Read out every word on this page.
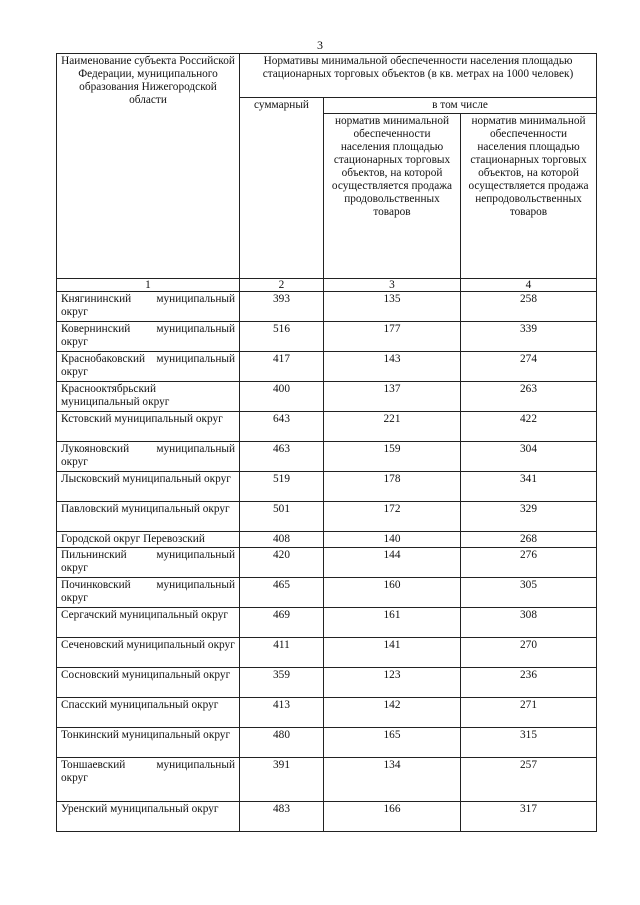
3
Наименование субъекта Российской Федерации, муниципального образования Нижегородской области	Нормативы минимальной обеспеченности населения площадью стационарных торговых объектов (в кв. метрах на 1000 человек)		
	суммарный	в том числе	
		норматив минимальной обеспеченности населения площадью стационарных торговых объектов, на которой осуществляется продажа продовольственных товаров	норматив минимальной обеспеченности населения площадью стационарных торговых объектов, на которой осуществляется продажа непродовольственных товаров
1	2	3	4
Княгининский муниципальный округ	393	135	258
Ковернинский муниципальный округ	516	177	339
Краснобаковский муниципальный округ	417	143	274
Краснооктябрьский муниципальный округ	400	137	263
Кстовский муниципальный округ	643	221	422
Лукояновский муниципальный округ	463	159	304
Лысковский муниципальный округ	519	178	341
Павловский муниципальный округ	501	172	329
Городской округ Перевозский	408	140	268
Пильнинский муниципальный округ	420	144	276
Починковский муниципальный округ	465	160	305
Сергачский муниципальный округ	469	161	308
Сеченовский муниципальный округ	411	141	270
Сосновский муниципальный округ	359	123	236
Спасский муниципальный округ	413	142	271
Тонкинский муниципальный округ	480	165	315
Тоншаевский муниципальный округ	391	134	257
Уренский муниципальный округ	483	166	317
